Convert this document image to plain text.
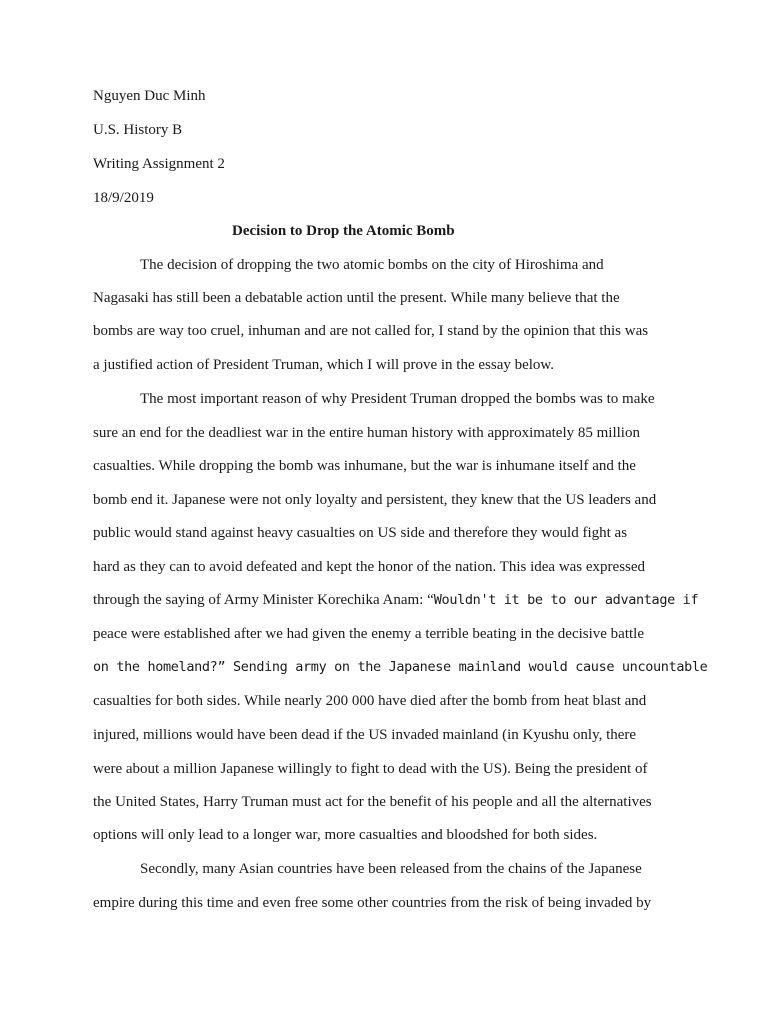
Nguyen Duc Minh
U.S. History B
Writing Assignment 2
18/9/2019
Decision to Drop the Atomic Bomb
The decision of dropping the two atomic bombs on the city of Hiroshima and
Nagasaki has still been a debatable action until the present. While many believe that the
bombs are way too cruel, inhuman and are not called for, I stand by the opinion that this was
a justified action of President Truman, which I will prove in the essay below.
The most important reason of why President Truman dropped the bombs was to make
sure an end for the deadliest war in the entire human history with approximately 85 million
casualties. While dropping the bomb was inhumane, but the war is inhumane itself and the
bomb end it. Japanese were not only loyalty and persistent, they knew that the US leaders and
public would stand against heavy casualties on US side and therefore they would fight as
hard as they can to avoid defeated and kept the honor of the nation. This idea was expressed
through the saying of Army Minister Korechika Anam: “Wouldn't it be to our advantage if
peace were established after we had given the enemy a terrible beating in the decisive battle
on the homeland?” Sending army on the Japanese mainland would cause uncountable
casualties for both sides. While nearly 200 000 have died after the bomb from heat blast and
injured, millions would have been dead if the US invaded mainland (in Kyushu only, there
were about a million Japanese willingly to fight to dead with the US). Being the president of
the United States, Harry Truman must act for the benefit of his people and all the alternatives
options will only lead to a longer war, more casualties and bloodshed for both sides.
Secondly, many Asian countries have been released from the chains of the Japanese
empire during this time and even free some other countries from the risk of being invaded by
